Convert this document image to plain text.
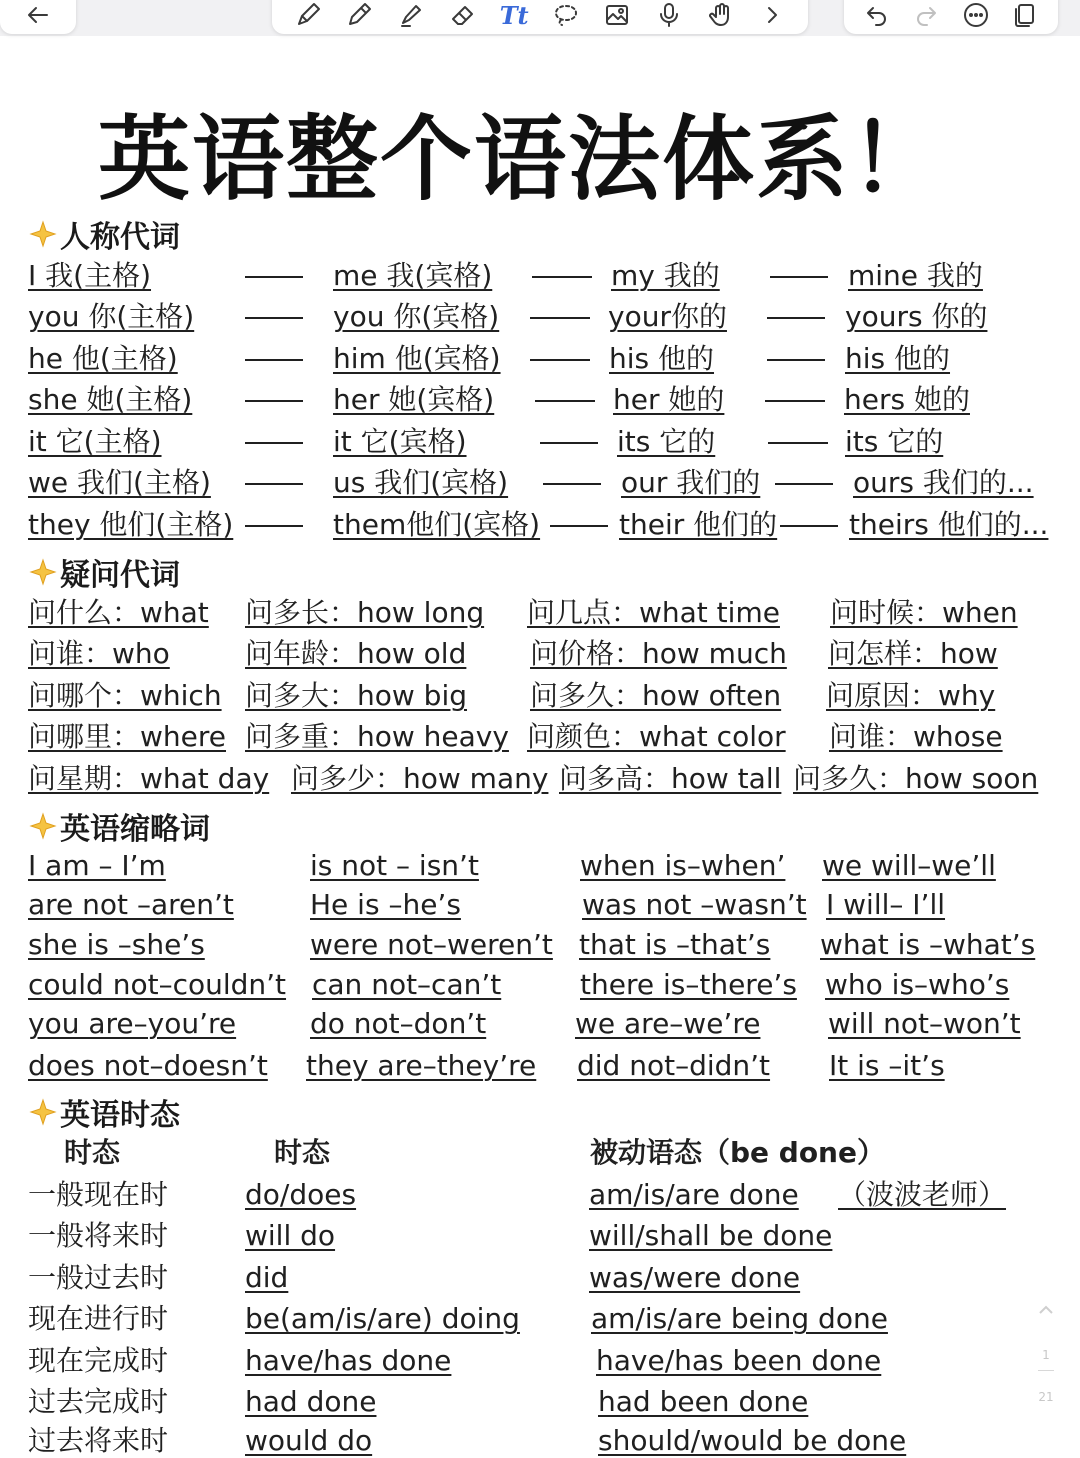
Tt
英语整个语法体系！
人称代词
疑问代词
英语缩略词
英语时态
I 我(主格)	me 我(宾格)	my 我的	mine 我的
you 你(主格)	you 你(宾格)	your你的	yours 你的
he 他(主格)	him 他(宾格)	his 他的	his 他的
she 她(主格)	her 她(宾格)	her 她的	hers 她的
it 它(主格)	it 它(宾格)	its 它的	its 它的
we 我们(主格)	us 我们(宾格)	our 我们的	ours 我们的...
they 他们(主格)	them他们(宾格)	their 他们的	theirs 他们的...
问什么：what 问多长：how long 问几点：what time 问时候：when
问谁：who	问年龄：how old 问价格：how much 问怎样：how
问哪个：which 问多大：how big 问多久：how often 问原因：why
问哪里：where 问多重：how heavy 问颜色：what color 问谁：whose
问星期：what day 问多少：how many 问多高：how tall 问多久：how soon
I am – I’m	is not – isn’t	when is–when’ we will–we’ll
are not –aren’t	He is –he’s	was not –wasn’t I will– I’ll
she is –she’s	were not–weren’t that is –that’s what is –what’s
could not–couldn’t can not–can’t	there is–there’s who is–who’s
you are–you’re	do not–don’t	we are–we’re will not–won’t
does not–doesn’t they are–they’re did not–didn’t It is –it’s
时态	时态	被动语态（be done）
一般现在时	do/does	am/is/are done （波波老师）
一般将来时	will do	will/shall be done
一般过去时	did	was/were done
现在进行时	be(am/is/are) doing	am/is/are being done
现在完成时	have/has done	have/has been done
过去完成时	had done	had been done
过去将来时	would do	should/would be done
1
21
